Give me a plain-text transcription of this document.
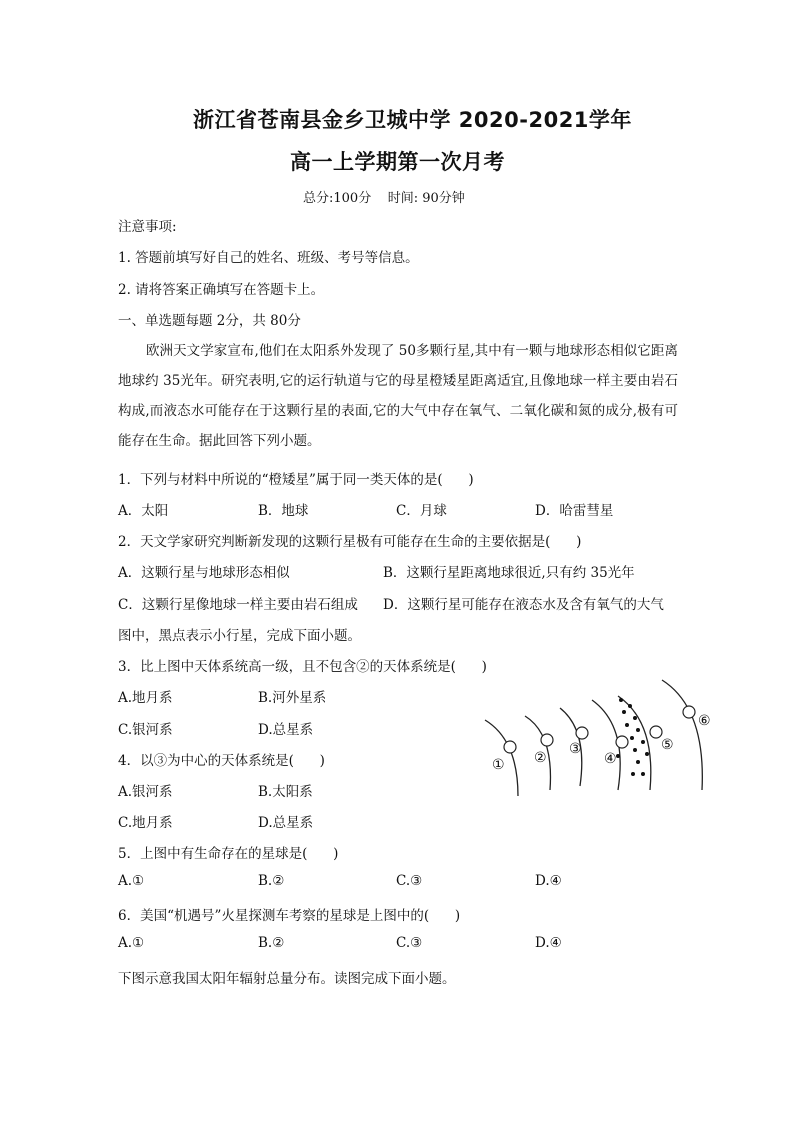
浙江省苍南县金乡卫城中学 2020-2021学年
高一上学期第一次月考
总分:100分    时间: 90分钟
注意事项:
1. 答题前填写好自己的姓名、班级、考号等信息。
2. 请将答案正确填写在答题卡上。
一、单选题每题 2分，共 80分
欧洲天文学家宣布,他们在太阳系外发现了 50多颗行星,其中有一颗与地球形态相似它距离地球约 35光年。研究表明,它的运行轨道与它的母星橙矮星距离适宜,且像地球一样主要由岩石构成,而液态水可能存在于这颗行星的表面,它的大气中存在氧气、二氧化碳和氮的成分,极有可能存在生命。据此回答下列小题。
1．下列与材料中所说的“橙矮星”属于同一类天体的是(      )
A．太阳	B．地球	C．月球	D．哈雷彗星
2．天文学家研究判断新发现的这颗行星极有可能存在生命的主要依据是(      )
A．这颗行星与地球形态相似	B．这颗行星距离地球很近,只有约 35光年
C．这颗行星像地球一样主要由岩石组成 D．这颗行星可能存在液态水及含有氧气的大气
图中，黑点表示小行星，完成下面小题。
3．比上图中天体系统高一级，且不包含②的天体系统是(      )
A.地月系	B.河外星系
C.银河系	D.总星系
4．以③为中心的天体系统是(      )
A.银河系	B.太阳系
C.地月系	D.总星系
5．上图中有生命存在的星球是(      )
A.①	B.②	C.③	D.④
6．美国“机遇号”火星探测车考察的星球是上图中的(      )
A.①	B.②	C.③	D.④
下图示意我国太阳年辐射总量分布。读图完成下面小题。
① ②
③
④
⑤
⑥
